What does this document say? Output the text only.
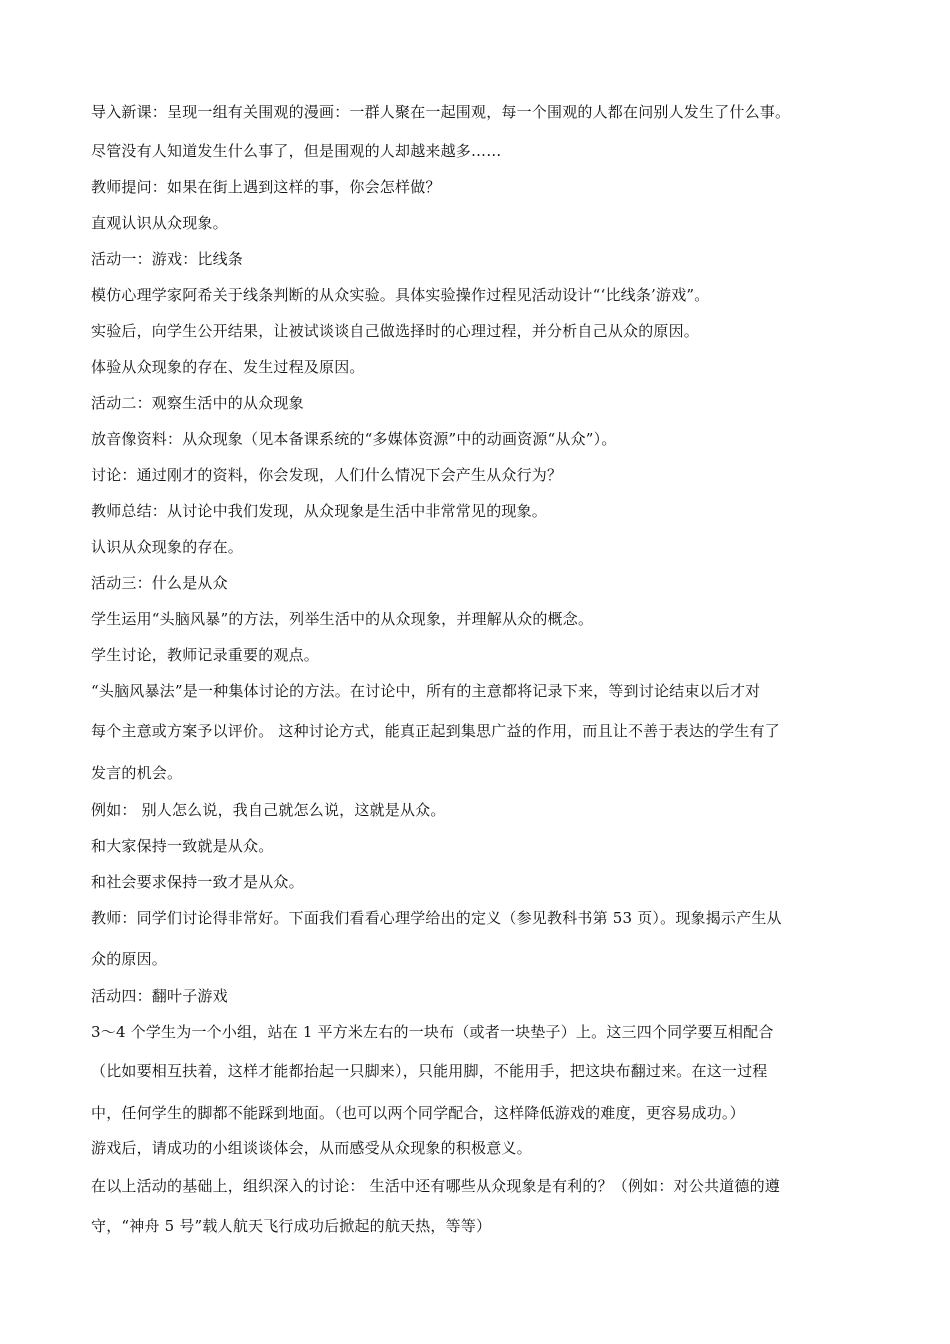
导入新课：呈现一组有关围观的漫画：一群人聚在一起围观，每一个围观的人都在问别人发生了什么事。
尽管没有人知道发生什么事了，但是围观的人却越来越多……
教师提问：如果在街上遇到这样的事，你会怎样做？
直观认识从众现象。
活动一：游戏：比线条
模仿心理学家阿希关于线条判断的从众实验。具体实验操作过程见活动设计“‘比线条’游戏”。
实验后，向学生公开结果，让被试谈谈自己做选择时的心理过程，并分析自己从众的原因。
体验从众现象的存在、发生过程及原因。
活动二：观察生活中的从众现象
放音像资料：从众现象（见本备课系统的“多媒体资源”中的动画资源“从众”）。
讨论：通过刚才的资料，你会发现，人们什么情况下会产生从众行为？
教师总结：从讨论中我们发现，从众现象是生活中非常常见的现象。
认识从众现象的存在。
活动三：什么是从众
学生运用“头脑风暴”的方法，列举生活中的从众现象，并理解从众的概念。
学生讨论，教师记录重要的观点。
“头脑风暴法”是一种集体讨论的方法。在讨论中，所有的主意都将记录下来，等到讨论结束以后才对
每个主意或方案予以评价。 这种讨论方式，能真正起到集思广益的作用，而且让不善于表达的学生有了
发言的机会。
例如： 别人怎么说，我自己就怎么说，这就是从众。
和大家保持一致就是从众。
和社会要求保持一致才是从众。
教师：同学们讨论得非常好。下面我们看看心理学给出的定义（参见教科书第 53 页）。现象揭示产生从
众的原因。
活动四：翻叶子游戏
3～4 个学生为一个小组，站在 1 平方米左右的一块布（或者一块垫子）上。这三四个同学要互相配合
（比如要相互扶着，这样才能都抬起一只脚来），只能用脚，不能用手，把这块布翻过来。在这一过程
中，任何学生的脚都不能踩到地面。（也可以两个同学配合，这样降低游戏的难度，更容易成功。）
游戏后，请成功的小组谈谈体会，从而感受从众现象的积极意义。
在以上活动的基础上，组织深入的讨论： 生活中还有哪些从众现象是有利的？（例如：对公共道德的遵
守，“神舟 5 号”载人航天飞行成功后掀起的航天热，等等）
